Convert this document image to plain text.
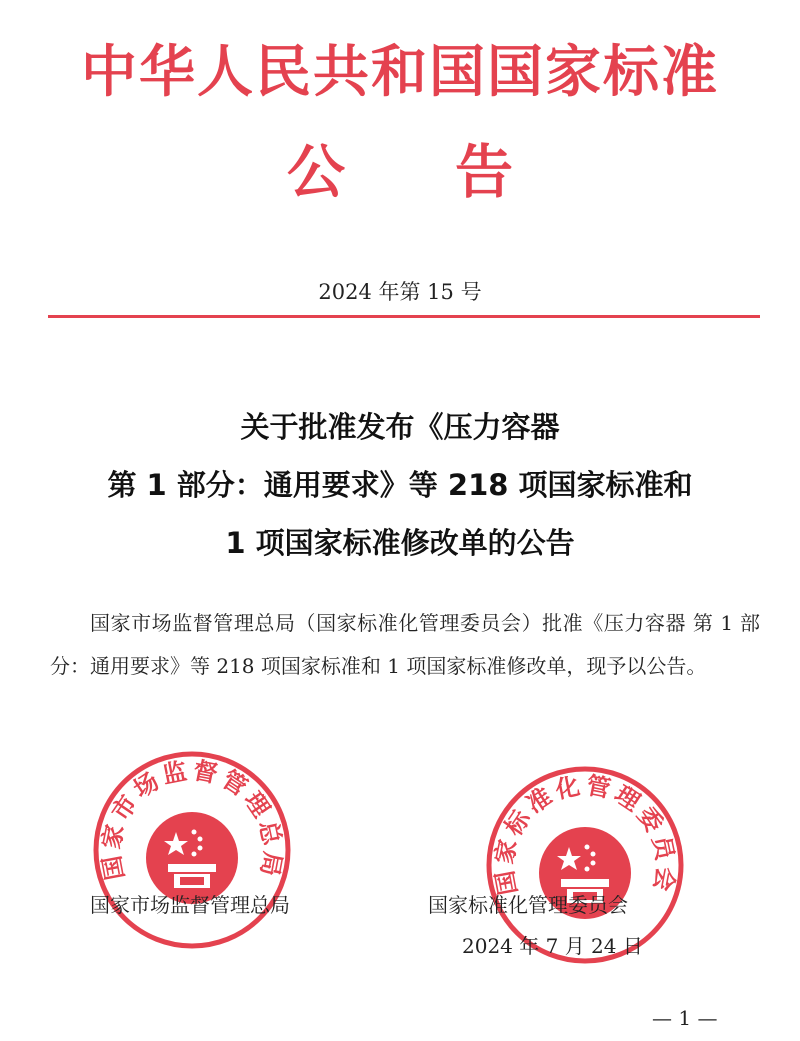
中华人民共和国国家标准
公告
2024 年第 15 号
关于批准发布《压力容器
第 1 部分：通用要求》等 218 项国家标准和
1 项国家标准修改单的公告
国家市场监督管理总局（国家标准化管理委员会）批准《压力容器 第 1 部分：通用要求》等 218 项国家标准和 1 项国家标准修改单，现予以公告。
国家市场监督管理总局	国家标准化管理委员会
国家市场监督管理总局	国家标准化管理委员会
2024 年 7 月 24 日
— 1 —
